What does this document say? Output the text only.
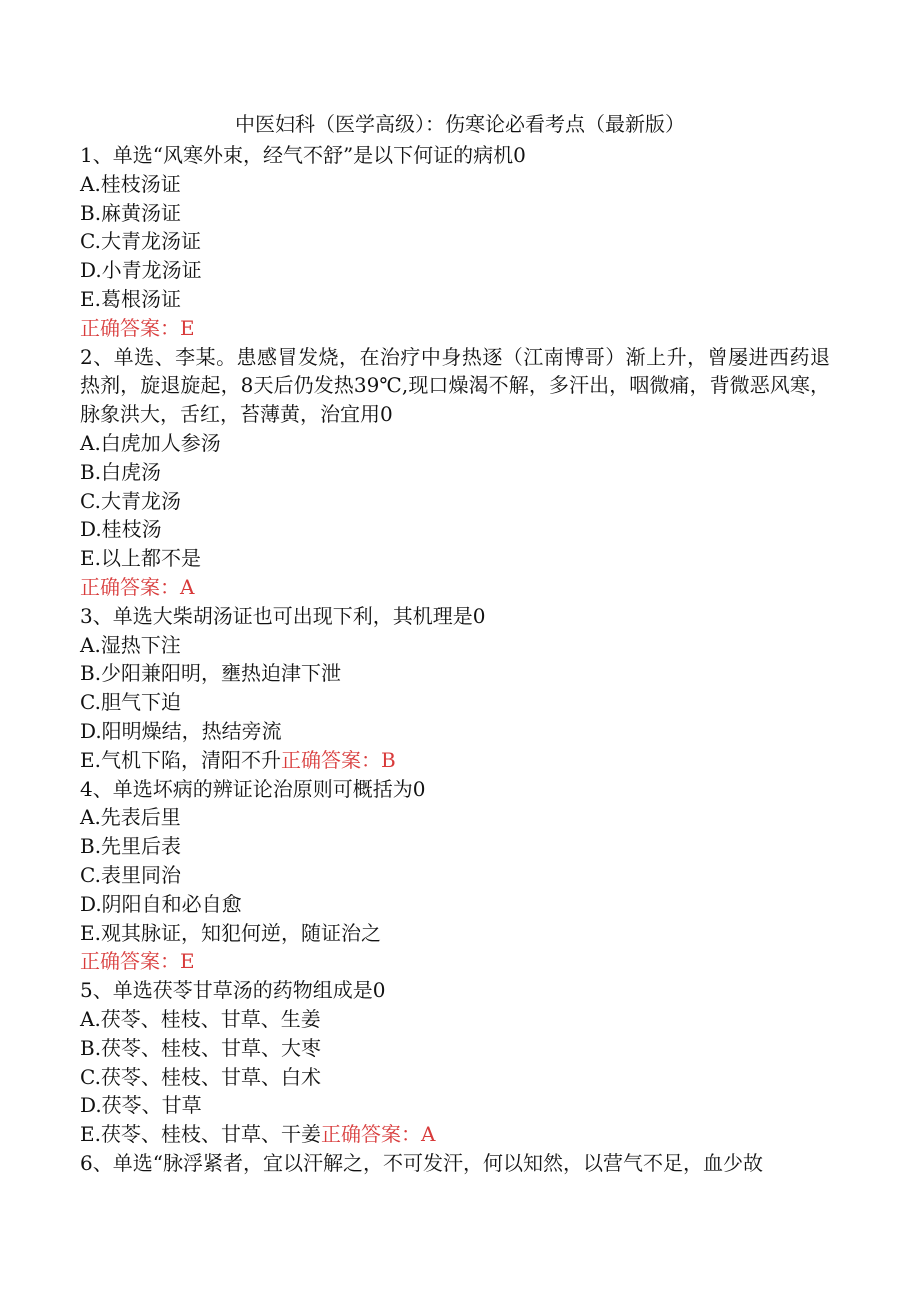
中医妇科（医学高级）：伤寒论必看考点（最新版）
1、单选“风寒外束，经气不舒”是以下何证的病机0
A.桂枝汤证
B.麻黄汤证
C.大青龙汤证
D.小青龙汤证
E.葛根汤证
正确答案：E
2、单选、李某。患感冒发烧，在治疗中身热逐（江南博哥）渐上升，曾屡进西药退热剂，旋退旋起，8天后仍发热39℃,现口燥渴不解，多汗出，咽微痛，背微恶风寒，脉象洪大，舌红，苔薄黄，治宜用0
A.白虎加人参汤
B.白虎汤
C.大青龙汤
D.桂枝汤
E.以上都不是
正确答案：A
3、单选大柴胡汤证也可出现下利，其机理是0
A.湿热下注
B.少阳兼阳明，壅热迫津下泄
C.胆气下迫
D.阳明燥结，热结旁流
E.气机下陷，清阳不升正确答案：B
4、单选坏病的辨证论治原则可概括为0
A.先表后里
B.先里后表
C.表里同治
D.阴阳自和必自愈
E.观其脉证，知犯何逆，随证治之
正确答案：E
5、单选茯苓甘草汤的药物组成是0
A.茯苓、桂枝、甘草、生姜
B.茯苓、桂枝、甘草、大枣
C.茯苓、桂枝、甘草、白术
D.茯苓、甘草
E.茯苓、桂枝、甘草、干姜正确答案：A
6、单选“脉浮紧者，宜以汗解之，不可发汗，何以知然，以营气不足，血少故
